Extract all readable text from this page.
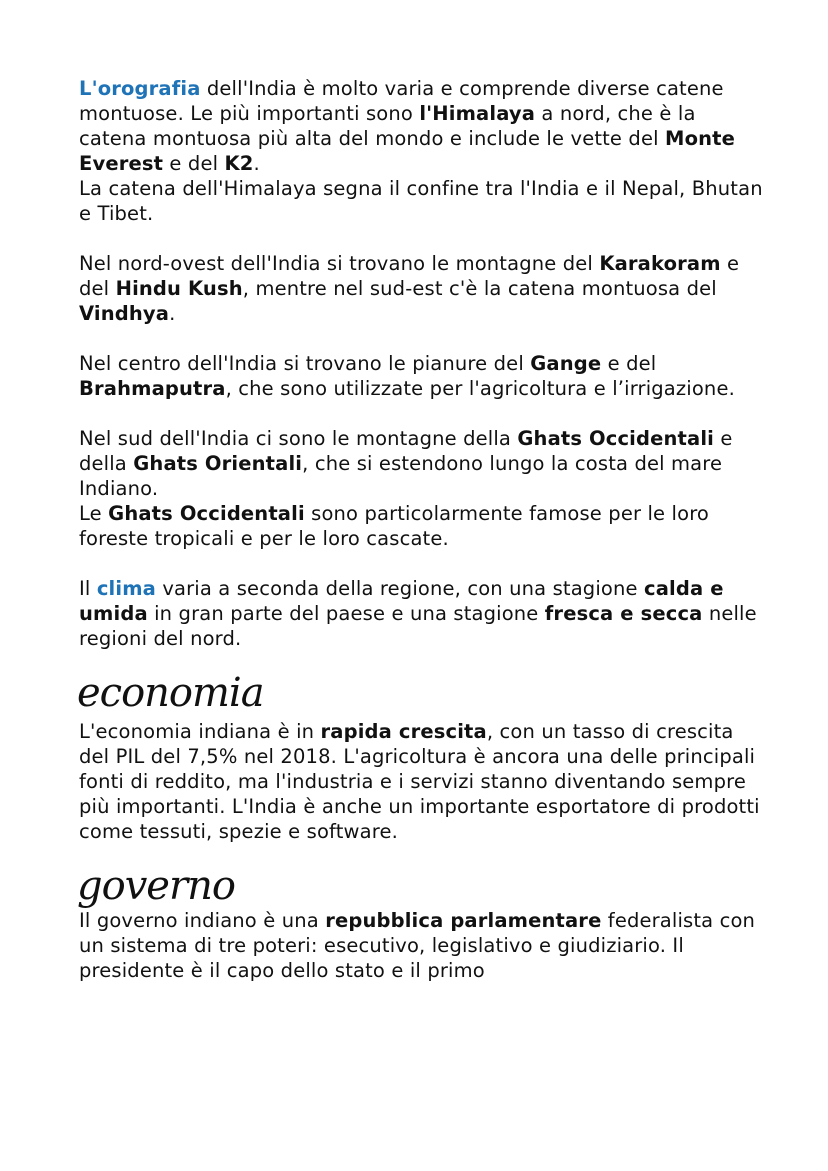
L'orografia dell'India è molto varia e comprende diverse catene montuose. Le più importanti sono l'Himalaya a nord, che è la catena montuosa più alta del mondo e include le vette del Monte Everest e del K2.

La catena dell'Himalaya segna il confine tra l'India e il Nepal, Bhutan e Tibet.

Nel nord-ovest dell'India si trovano le montagne del Karakoram e del Hindu Kush, mentre nel sud-est c'è la catena montuosa del Vindhya.

Nel centro dell'India si trovano le pianure del Gange e del Brahmaputra, che sono utilizzate per l'agricoltura e l’irrigazione.

Nel sud dell'India ci sono le montagne della Ghats Occidentali e della Ghats Orientali, che si estendono lungo la costa del mare Indiano.

Le Ghats Occidentali sono particolarmente famose per le loro foreste tropicali e per le loro cascate.

Il clima varia a seconda della regione, con una stagione calda e umida in gran parte del paese e una stagione fresca e secca nelle regioni del nord.

economia

L'economia indiana è in rapida crescita, con un tasso di crescita del PIL del 7,5% nel 2018. L'agricoltura è ancora una delle principali fonti di reddito, ma l'industria e i servizi stanno diventando sempre più importanti. L'India è anche un importante esportatore di prodotti come tessuti, spezie e software.

governo

Il governo indiano è una repubblica parlamentare federalista con un sistema di tre poteri: esecutivo, legislativo e giudiziario. Il presidente è il capo dello stato e il primo
